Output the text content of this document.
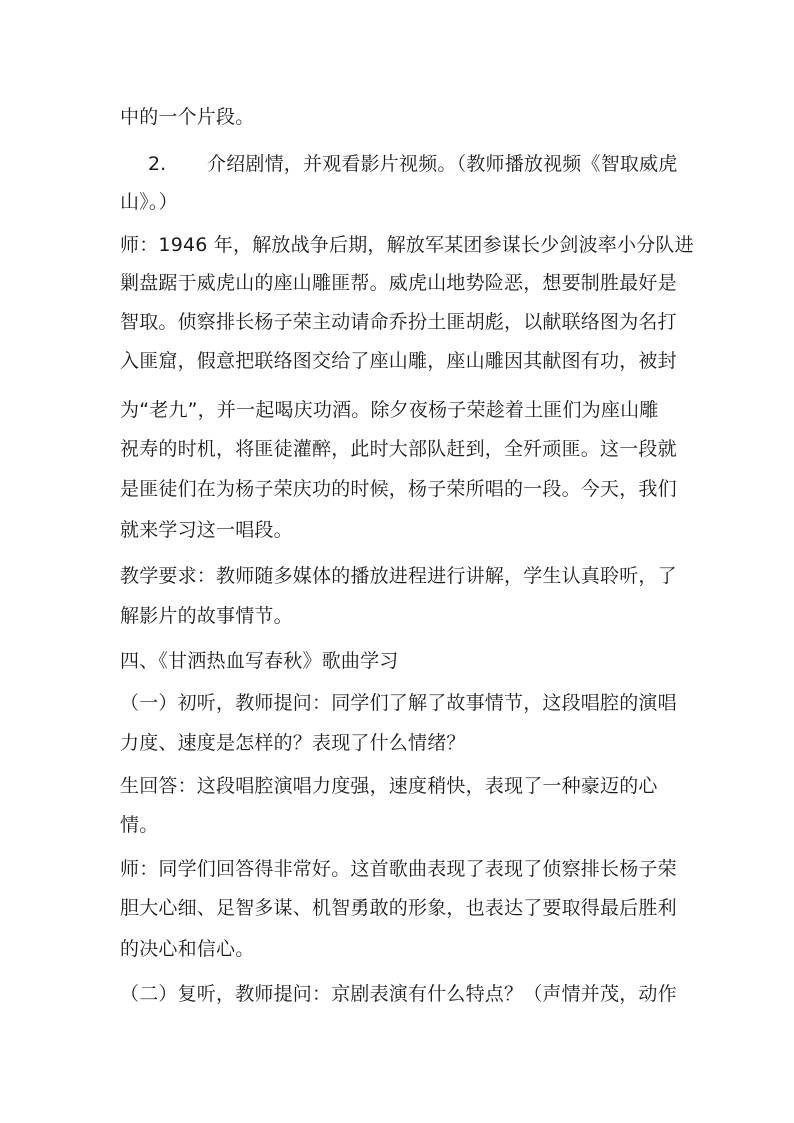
中的一个片段。
2. 介绍剧情，并观看影片视频。（教师播放视频《智取威虎
山》。）
师：1946 年，解放战争后期，解放军某团参谋长少剑波率小分队进
剿盘踞于威虎山的座山雕匪帮。威虎山地势险恶，想要制胜最好是
智取。侦察排长杨子荣主动请命乔扮土匪胡彪，以献联络图为名打
入匪窟，假意把联络图交给了座山雕，座山雕因其献图有功，被封
为“老九”，并一起喝庆功酒。除夕夜杨子荣趁着土匪们为座山雕
祝寿的时机，将匪徒灌醉，此时大部队赶到，全歼顽匪。这一段就
是匪徒们在为杨子荣庆功的时候，杨子荣所唱的一段。今天，我们
就来学习这一唱段。
教学要求：教师随多媒体的播放进程进行讲解，学生认真聆听，了
解影片的故事情节。
四、《甘洒热血写春秋》歌曲学习
（一）初听，教师提问：同学们了解了故事情节，这段唱腔的演唱
力度、速度是怎样的？表现了什么情绪？
生回答：这段唱腔演唱力度强，速度稍快，表现了一种豪迈的心
情。
师：同学们回答得非常好。这首歌曲表现了表现了侦察排长杨子荣
胆大心细、足智多谋、机智勇敢的形象，也表达了要取得最后胜利
的决心和信心。
（二）复听，教师提问：京剧表演有什么特点？（声情并茂，动作
